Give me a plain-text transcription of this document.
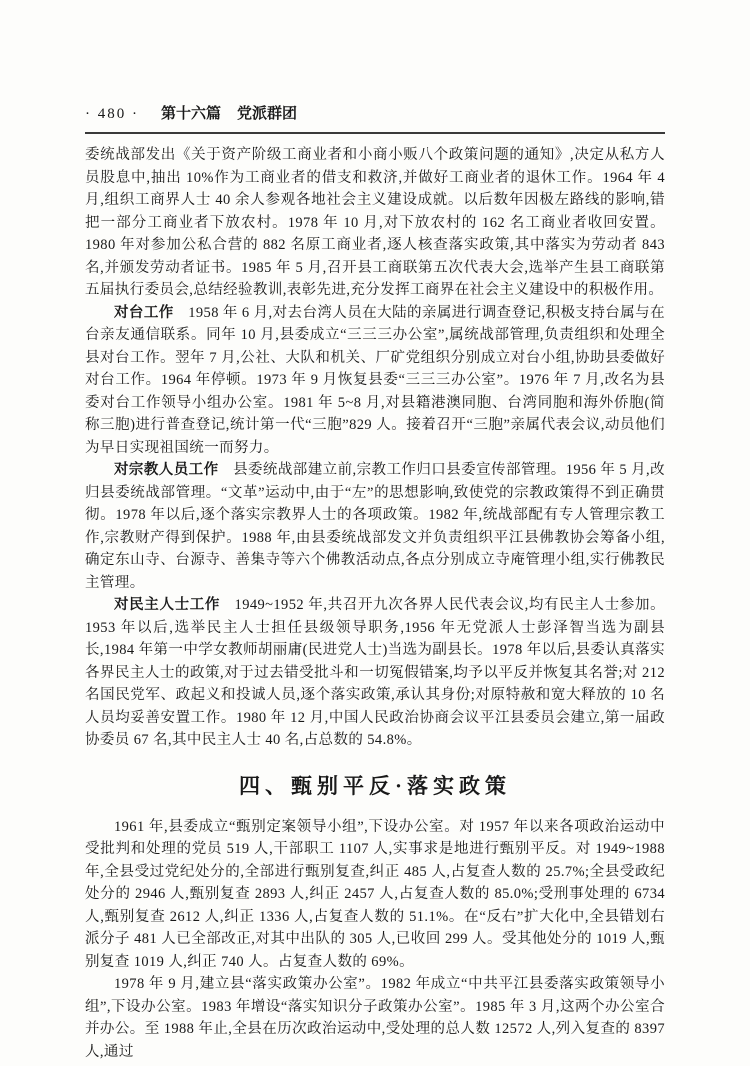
· 480 · 第十六篇 党派群团

委统战部发出《关于资产阶级工商业者和小商小贩八个政策问题的通知》,决定从私方人员股息中,抽出 10%作为工商业者的借支和救济,并做好工商业者的退休工作。1964 年 4 月,组织工商界人士 40 余人参观各地社会主义建设成就。以后数年因极左路线的影响,错把一部分工商业者下放农村。1978 年 10 月,对下放农村的 162 名工商业者收回安置。1980 年对参加公私合营的 882 名原工商业者,逐人核查落实政策,其中落实为劳动者 843 名,并颁发劳动者证书。1985 年 5 月,召开县工商联第五次代表大会,选举产生县工商联第五届执行委员会,总结经验教训,表彰先进,充分发挥工商界在社会主义建设中的积极作用。

对台工作 1958 年 6 月,对去台湾人员在大陆的亲属进行调查登记,积极支持台属与在台亲友通信联系。同年 10 月,县委成立“三三三办公室”,属统战部管理,负责组织和处理全县对台工作。翌年 7 月,公社、大队和机关、厂矿党组织分别成立对台小组,协助县委做好对台工作。1964 年停顿。1973 年 9 月恢复县委“三三三办公室”。1976 年 7 月,改名为县委对台工作领导小组办公室。1981 年 5~8 月,对县籍港澳同胞、台湾同胞和海外侨胞(简称三胞)进行普查登记,统计第一代“三胞”829 人。接着召开“三胞”亲属代表会议,动员他们为早日实现祖国统一而努力。

对宗教人员工作 县委统战部建立前,宗教工作归口县委宣传部管理。1956 年 5 月,改归县委统战部管理。“文革”运动中,由于“左”的思想影响,致使党的宗教政策得不到正确贯彻。1978 年以后,逐个落实宗教界人士的各项政策。1982 年,统战部配有专人管理宗教工作,宗教财产得到保护。1988 年,由县委统战部发文并负责组织平江县佛教协会筹备小组,确定东山寺、台源寺、善集寺等六个佛教活动点,各点分别成立寺庵管理小组,实行佛教民主管理。

对民主人士工作 1949~1952 年,共召开九次各界人民代表会议,均有民主人士参加。1953 年以后,选举民主人士担任县级领导职务,1956 年无党派人士彭泽智当选为副县长,1984 年第一中学女教师胡丽庸(民进党人士)当选为副县长。1978 年以后,县委认真落实各界民主人士的政策,对于过去错受批斗和一切冤假错案,均予以平反并恢复其名誉;对 212 名国民党军、政起义和投诚人员,逐个落实政策,承认其身份;对原特赦和宽大释放的 10 名人员均妥善安置工作。1980 年 12 月,中国人民政治协商会议平江县委员会建立,第一届政协委员 67 名,其中民主人士 40 名,占总数的 54.8%。

四、甄别平反·落实政策

1961 年,县委成立“甄别定案领导小组”,下设办公室。对 1957 年以来各项政治运动中受批判和处理的党员 519 人,干部职工 1107 人,实事求是地进行甄别平反。对 1949~1988 年,全县受过党纪处分的,全部进行甄别复查,纠正 485 人,占复查人数的 25.7%;全县受政纪处分的 2946 人,甄别复查 2893 人,纠正 2457 人,占复查人数的 85.0%;受刑事处理的 6734 人,甄别复查 2612 人,纠正 1336 人,占复查人数的 51.1%。在“反右”扩大化中,全县错划右派分子 481 人已全部改正,对其中出队的 305 人,已收回 299 人。受其他处分的 1019 人,甄别复查 1019 人,纠正 740 人。占复查人数的 69%。

1978 年 9 月,建立县“落实政策办公室”。1982 年成立“中共平江县委落实政策领导小组”,下设办公室。1983 年增设“落实知识分子政策办公室”。1985 年 3 月,这两个办公室合并办公。至 1988 年止,全县在历次政治运动中,受处理的总人数 12572 人,列入复查的 8397 人,通过
